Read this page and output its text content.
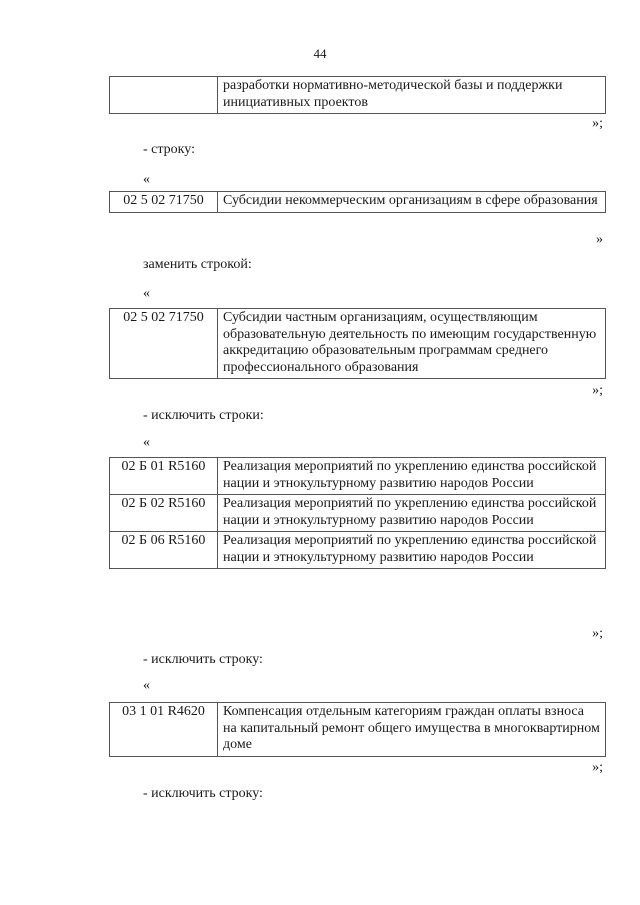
44
	разработки нормативно-методической базы и поддержки инициативных проектов
»;
- строку:
«
02 5 02 71750	Субсидии некоммерческим организациям в сфере образования
»
заменить строкой:
«
02 5 02 71750	Субсидии частным организациям, осуществляющим образовательную деятельность по имеющим государственную аккредитацию образовательным программам среднего профессионального образования
»;
- исключить строки:
«
02 Б 01 R5160	Реализация мероприятий по укреплению единства российской нации и этнокультурному развитию народов России
02 Б 02 R5160	Реализация мероприятий по укреплению единства российской нации и этнокультурному развитию народов России
02 Б 06 R5160	Реализация мероприятий по укреплению единства российской нации и этнокультурному развитию народов России
»;
- исключить строку:
«
03 1 01 R4620	Компенсация отдельным категориям граждан оплаты взноса на капитальный ремонт общего имущества в многоквартирном доме
»;
- исключить строку:
